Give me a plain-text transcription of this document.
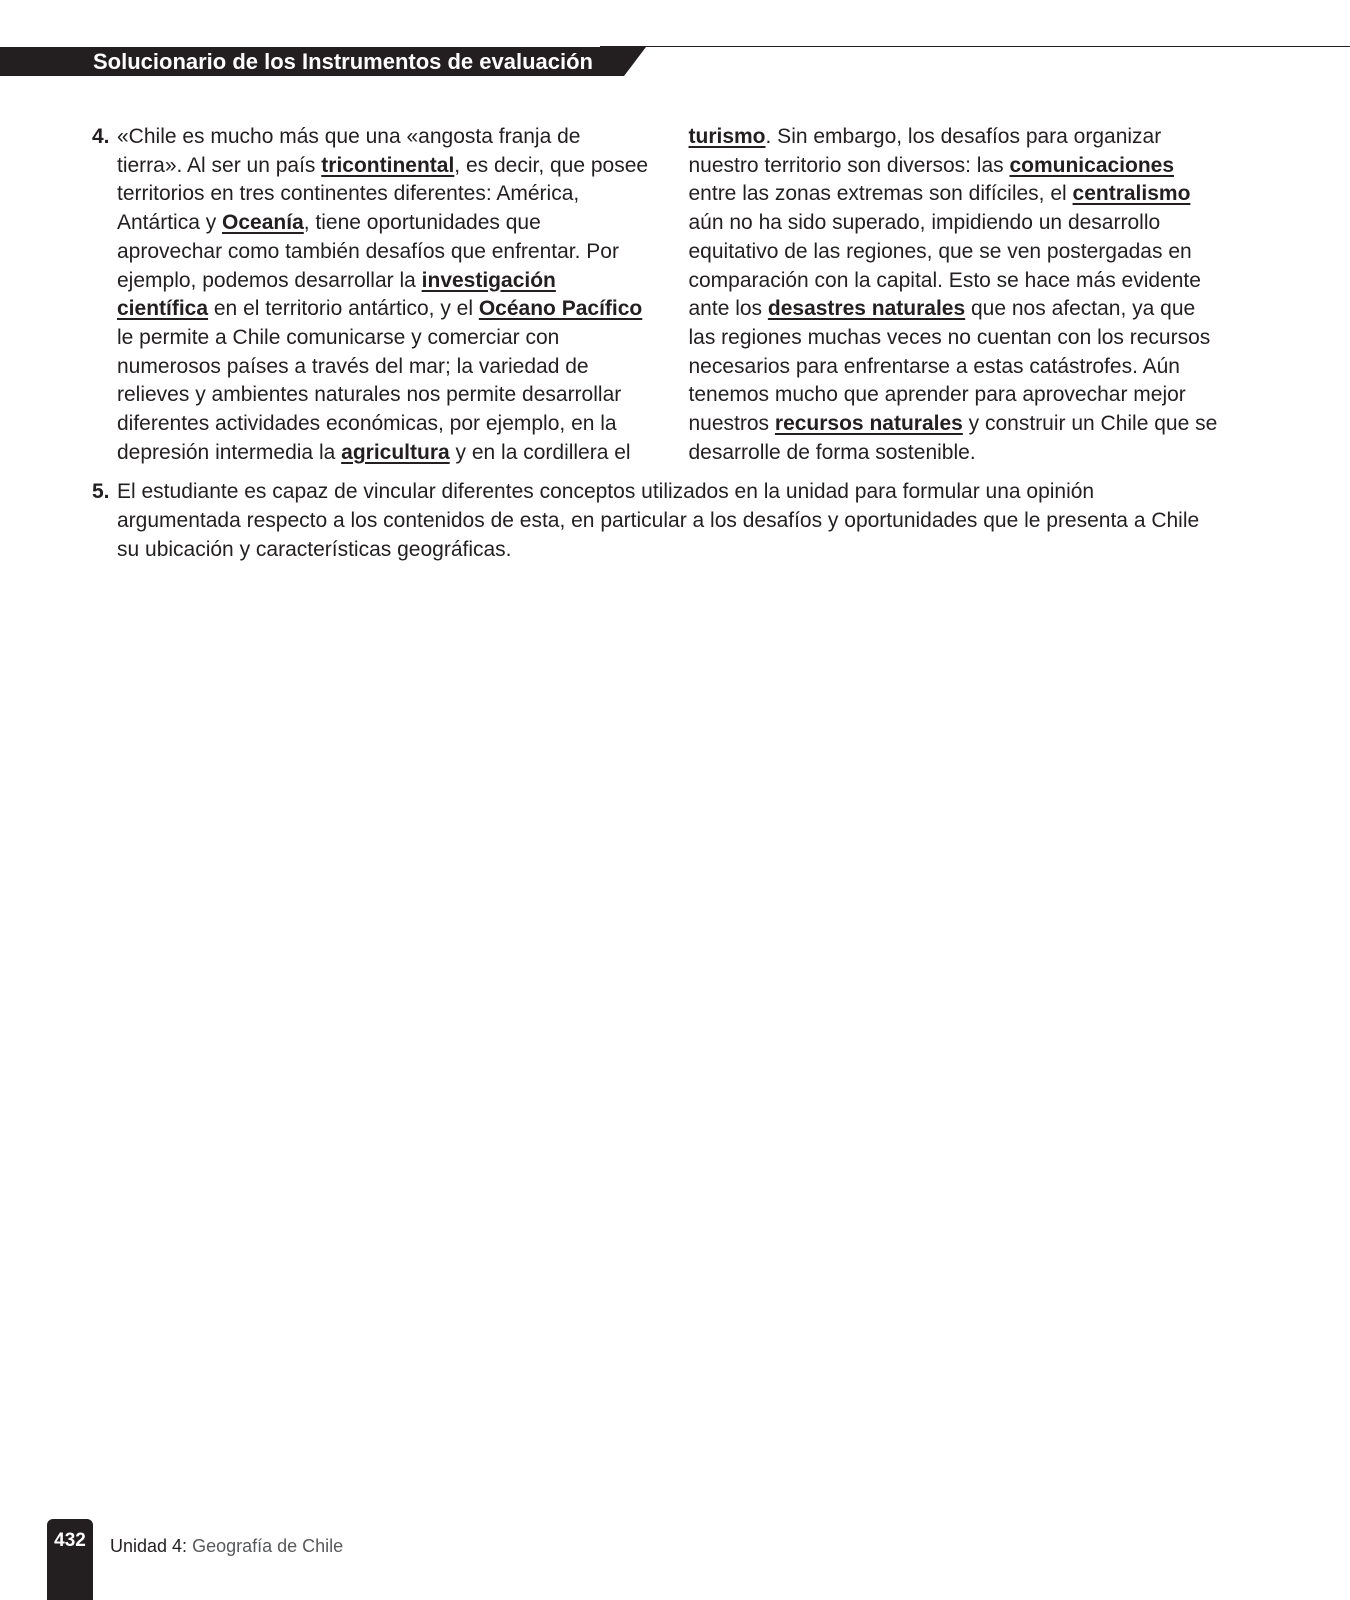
Solucionario de los Instrumentos de evaluación
4. «Chile es mucho más que una «angosta franja de tierra». Al ser un país tricontinental, es decir, que posee territorios en tres continentes diferentes: América, Antártica y Oceanía, tiene oportunidades que aprovechar como también desafíos que enfrentar. Por ejemplo, podemos desarrollar la investigación científica en el territorio antártico, y el Océano Pacífico le permite a Chile comunicarse y comerciar con numerosos países a través del mar; la variedad de relieves y ambientes naturales nos permite desarrollar diferentes actividades económicas, por ejemplo, en la depresión intermedia la agricultura y en la cordillera el turismo. Sin embargo, los desafíos para organizar nuestro territorio son diversos: las comunicaciones entre las zonas extremas son difíciles, el centralismo aún no ha sido superado, impidiendo un desarrollo equitativo de las regiones, que se ven postergadas en comparación con la capital. Esto se hace más evidente ante los desastres naturales que nos afectan, ya que las regiones muchas veces no cuentan con los recursos necesarios para enfrentarse a estas catástrofes. Aún tenemos mucho que aprender para aprovechar mejor nuestros recursos naturales y construir un Chile que se desarrolle de forma sostenible.

5. El estudiante es capaz de vincular diferentes conceptos utilizados en la unidad para formular una opinión argumentada respecto a los contenidos de esta, en particular a los desafíos y oportunidades que le presenta a Chile su ubicación y características geográficas.

432	Unidad 4: Geografía de Chile
